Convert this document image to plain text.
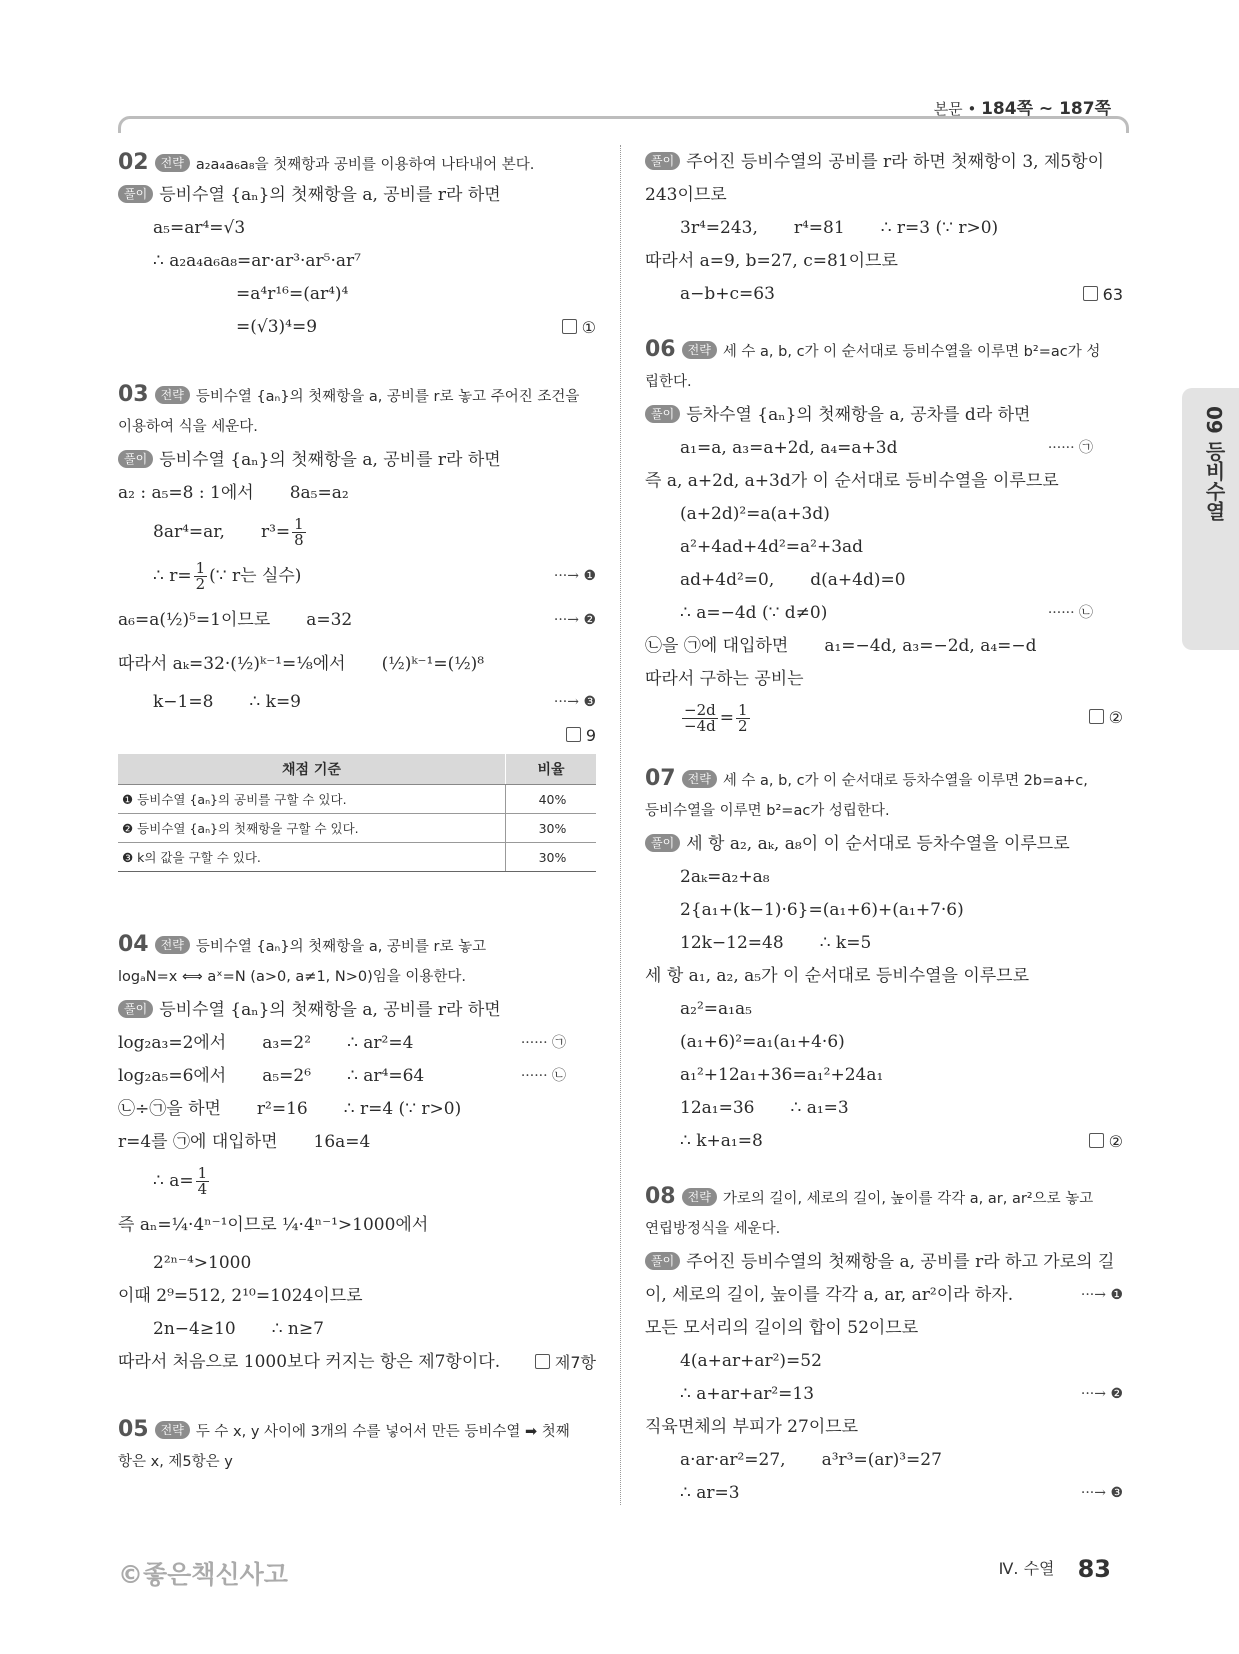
본문 • 184쪽 ~ 187쪽
09 등비수열
02 전략 a₂a₄a₆a₈을 첫째항과 공비를 이용하여 나타내어 본다.
풀이 등비수열 {aₙ}의 첫째항을 a, 공비를 r라 하면
a₅=ar⁴=√3
∴ a₂a₄a₆a₈=ar·ar³·ar⁵·ar⁷
=a⁴r¹⁶=(ar⁴)⁴
=(√3)⁴=9	①
03 전략 등비수열 {aₙ}의 첫째항을 a, 공비를 r로 놓고 주어진 조건을
이용하여 식을 세운다.
풀이 등비수열 {aₙ}의 첫째항을 a, 공비를 r라 하면
a₂ : a₅=8 : 1에서 8a₅=a₂
8ar⁴=ar, $r^3= \frac{1}{8}$
∴ $r= \frac{1}{2}$ (∵ r는 실수)	···→ ❶
a₆=a(½)⁵=1이므로 a=32	···→ ❷
따라서 aₖ=32·(½)ᵏ⁻¹=⅛에서 (½)ᵏ⁻¹=(½)⁸
k−1=8 ∴ k=9	···→ ❸
9
채점 기준	비율
❶ 등비수열 {aₙ}의 공비를 구할 수 있다.	40%
❷ 등비수열 {aₙ}의 첫째항을 구할 수 있다.	30%
❸ k의 값을 구할 수 있다.	30%
04 전략 등비수열 {aₙ}의 첫째항을 a, 공비를 r로 놓고
logₐN=x ⟺ aˣ=N (a>0, a≠1, N>0)임을 이용한다.
풀이 등비수열 {aₙ}의 첫째항을 a, 공비를 r라 하면
log₂a₃=2에서 a₃=2² ∴ ar²=4	······ ㉠
log₂a₅=6에서 a₅=2⁶ ∴ ar⁴=64	······ ㉡
㉡÷㉠을 하면 r²=16 ∴ r=4 (∵ r>0)
r=4를 ㉠에 대입하면 16a=4
∴ $a= \frac{1}{4}$
즉 aₙ=¼·4ⁿ⁻¹이므로 ¼·4ⁿ⁻¹>1000에서
2²ⁿ⁻⁴>1000
이때 2⁹=512, 2¹⁰=1024이므로
2n−4≥10 ∴ n≥7
따라서 처음으로 1000보다 커지는 항은 제7항이다.	제7항
05 전략 두 수 x, y 사이에 3개의 수를 넣어서 만든 등비수열 ➡ 첫째
항은 x, 제5항은 y
풀이 주어진 등비수열의 공비를 r라 하면 첫째항이 3, 제5항이
243이므로
3r⁴=243, r⁴=81 ∴ r=3 (∵ r>0)
따라서 a=9, b=27, c=81이므로
a−b+c=63	63
06 전략 세 수 a, b, c가 이 순서대로 등비수열을 이루면 b²=ac가 성
립한다.
풀이 등차수열 {aₙ}의 첫째항을 a, 공차를 d라 하면
a₁=a, a₃=a+2d, a₄=a+3d	······ ㉠
즉 a, a+2d, a+3d가 이 순서대로 등비수열을 이루므로
(a+2d)²=a(a+3d)
a²+4ad+4d²=a²+3ad
ad+4d²=0, d(a+4d)=0
∴ a=−4d (∵ d≠0)	······ ㉡
㉡을 ㉠에 대입하면 a₁=−4d, a₃=−2d, a₄=−d
따라서 구하는 공비는
$\frac{-2d}{-4d} = \frac{1}{2}$	②
07 전략 세 수 a, b, c가 이 순서대로 등차수열을 이루면 2b=a+c,
등비수열을 이루면 b²=ac가 성립한다.
풀이 세 항 a₂, aₖ, a₈이 이 순서대로 등차수열을 이루므로
2aₖ=a₂+a₈
2{a₁+(k−1)·6}=(a₁+6)+(a₁+7·6)
12k−12=48 ∴ k=5
세 항 a₁, a₂, a₅가 이 순서대로 등비수열을 이루므로
a₂²=a₁a₅
(a₁+6)²=a₁(a₁+4·6)
a₁²+12a₁+36=a₁²+24a₁
12a₁=36 ∴ a₁=3
∴ k+a₁=8	②
08 전략 가로의 길이, 세로의 길이, 높이를 각각 a, ar, ar²으로 놓고
연립방정식을 세운다.
풀이 주어진 등비수열의 첫째항을 a, 공비를 r라 하고 가로의 길
이, 세로의 길이, 높이를 각각 a, ar, ar²이라 하자.	···→ ❶
모든 모서리의 길이의 합이 52이므로
4(a+ar+ar²)=52
∴ a+ar+ar²=13	···→ ❷
직육면체의 부피가 27이므로
a·ar·ar²=27, a³r³=(ar)³=27
∴ ar=3	···→ ❸
©좋은책신사고	Ⅳ. 수열 83
